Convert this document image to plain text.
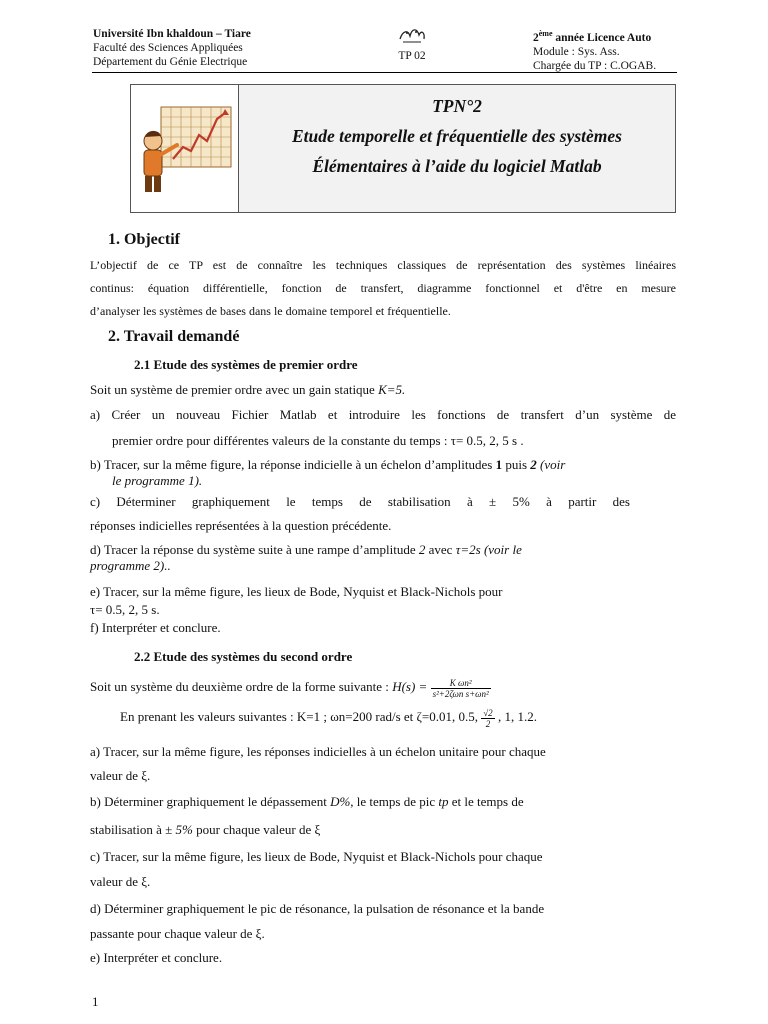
Université Ibn khaldoun – Tiare
Faculté des Sciences Appliquées
Département du Génie Electrique	TP 02
2ème année Licence Auto
Module : Sys. Ass.
Chargée du TP : C.OGAB.
TPN°2
Etude temporelle et fréquentielle des systèmes
Élémentaires à l’aide du logiciel Matlab
1. Objectif
L’objectif de ce TP est de connaître les techniques classiques de représentation des systèmes linéaires
continus: équation différentielle, fonction de transfert, diagramme fonctionnel et d'être en mesure
d’analyser les systèmes de bases dans le domaine temporel et fréquentielle.
2. Travail demandé
2.1 Etude des systèmes de premier ordre
Soit un système de premier ordre avec un gain statique K=5.
a) Créer un nouveau Fichier Matlab et introduire les fonctions de transfert d’un système de
premier ordre pour différentes valeurs de la constante du temps : τ= 0.5, 2, 5 s .
b) Tracer, sur la même figure, la réponse indicielle à un échelon d’amplitudes 1 puis 2 (voir
le programme 1).
c) Déterminer graphiquement le temps de stabilisation à ± 5% à partir des
réponses indicielles représentées à la question précédente.
d) Tracer la réponse du système suite à une rampe d’amplitude 2 avec τ=2s (voir le
programme 2)..
e) Tracer, sur la même figure, les lieux de Bode, Nyquist et Black-Nichols pour
τ= 0.5, 2, 5 s.
f) Interpréter et conclure.
2.2 Etude des systèmes du second ordre
Soit un système du deuxième ordre de la forme suivante : $H(s) = \frac{\text{K ωn²}}{\text{s²+2ζωn s+ωn²}}$
En prenant les valeurs suivantes : K=1 ; ωn=200 rad/s et ζ=0.01, 0.5, $\frac{√2}{2}$ , 1, 1.2.
a) Tracer, sur la même figure, les réponses indicielles à un échelon unitaire pour chaque
valeur de ξ.
b) Déterminer graphiquement le dépassement D%, le temps de pic tp et le temps de
stabilisation à ± 5% pour chaque valeur de ξ
c) Tracer, sur la même figure, les lieux de Bode, Nyquist et Black-Nichols pour chaque
valeur de ξ.
d) Déterminer graphiquement le pic de résonance, la pulsation de résonance et la bande
passante pour chaque valeur de ξ.
e) Interpréter et conclure.
1
